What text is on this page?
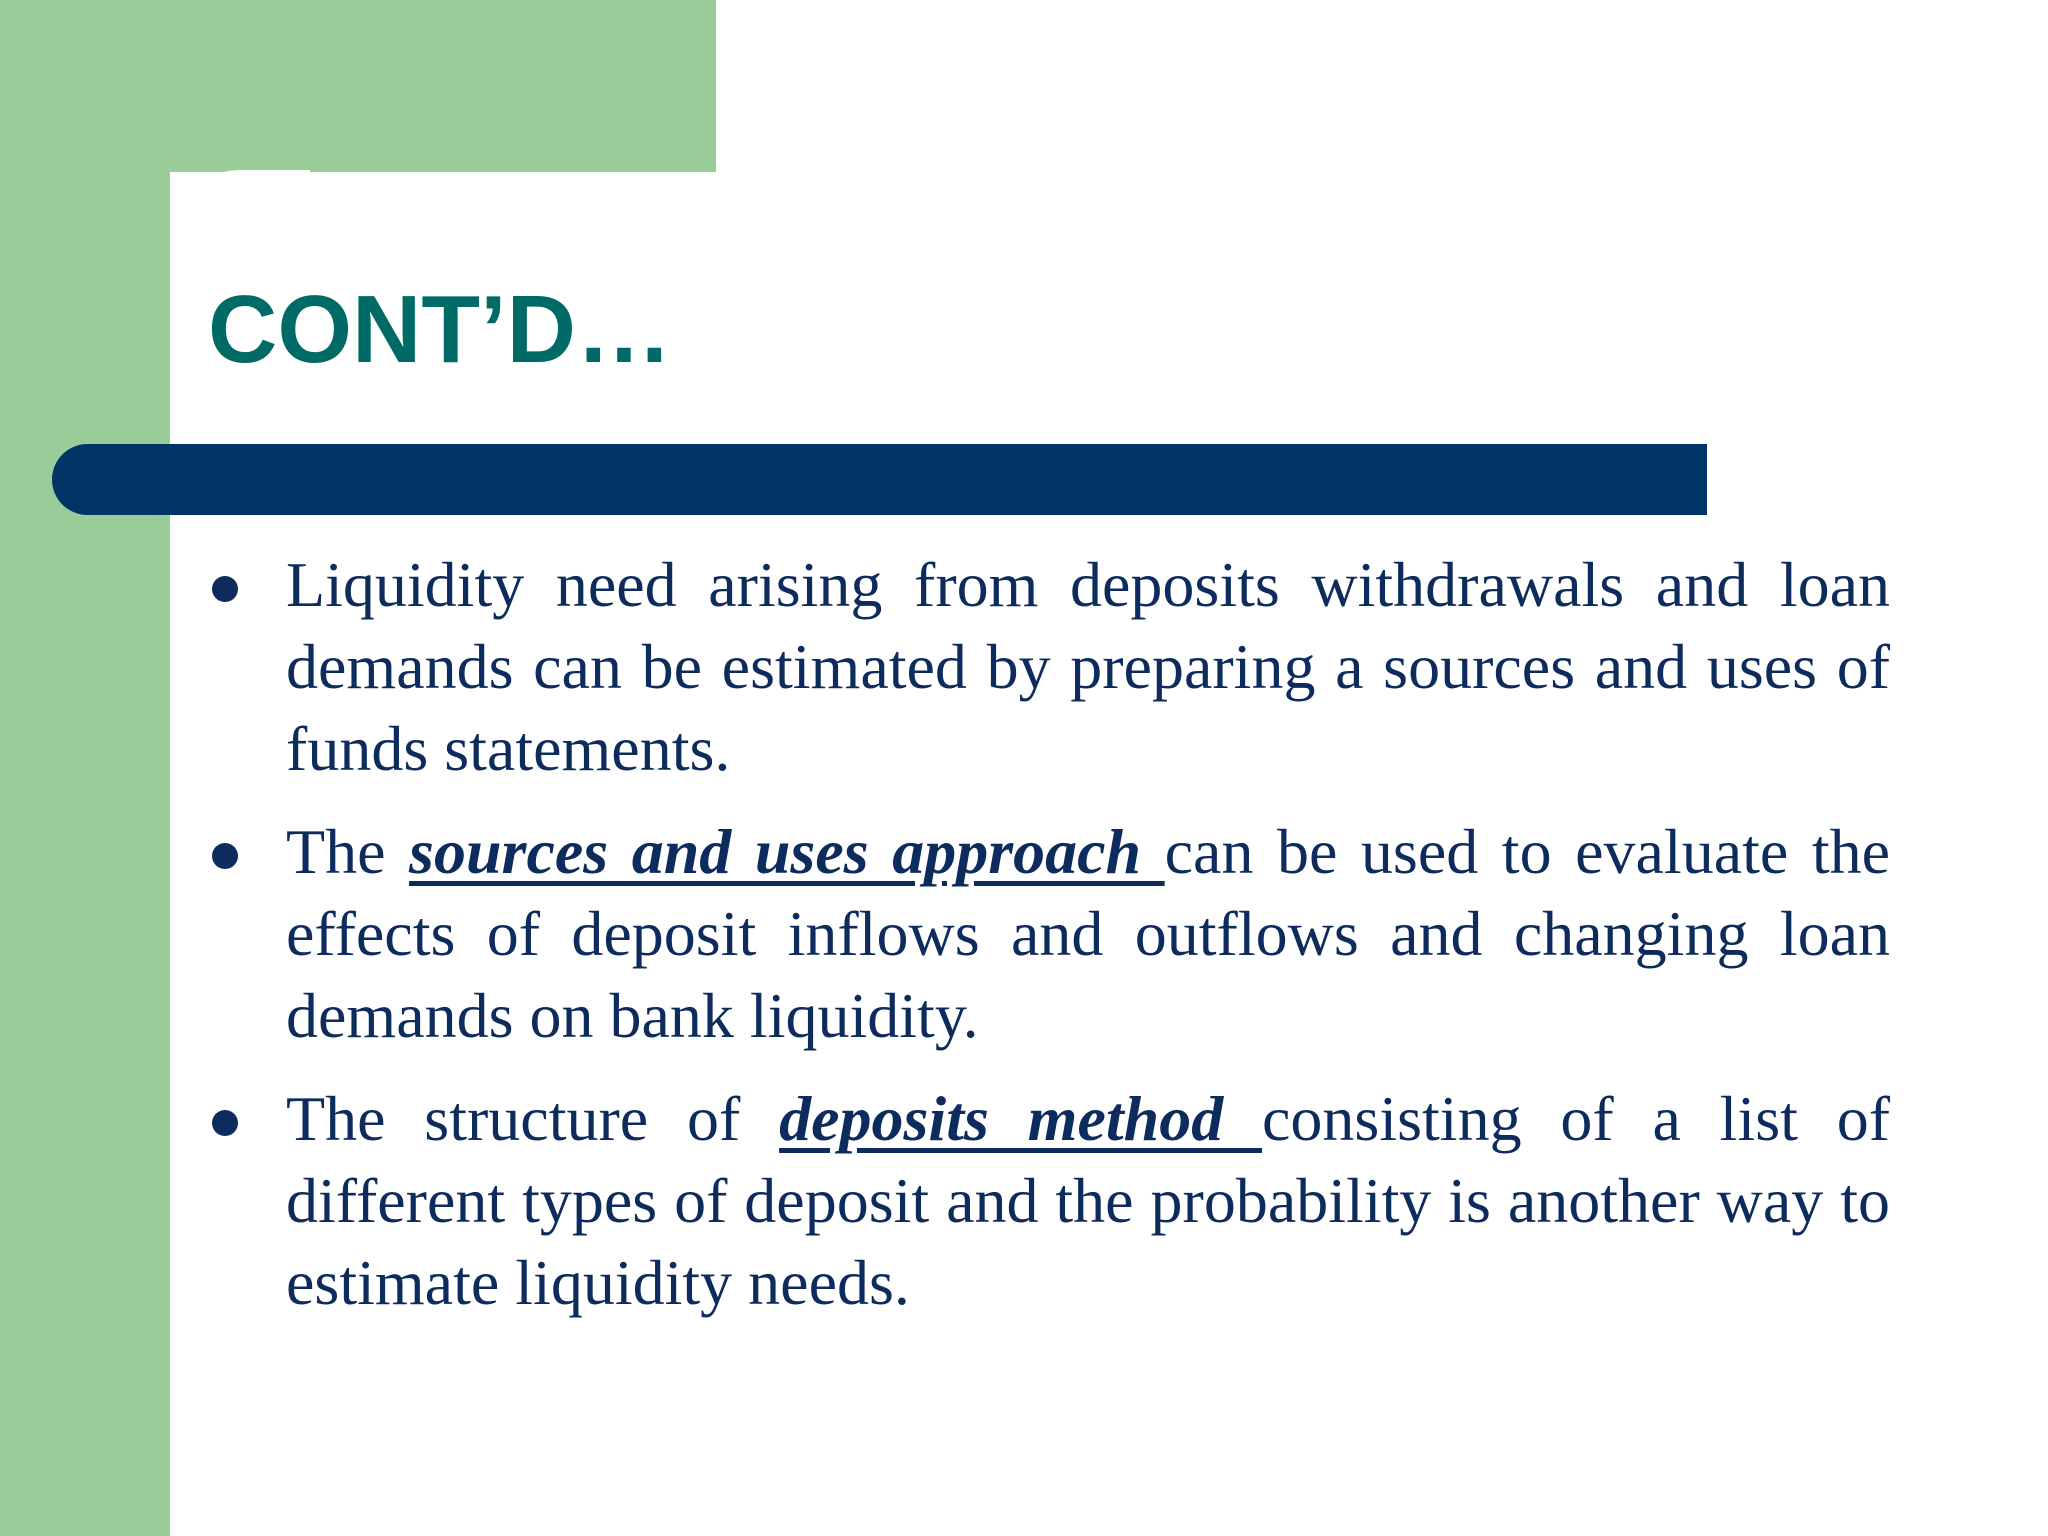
CONT’D…
Liquidity need arising from deposits withdrawals and loan demands can be estimated by preparing a sources and uses of funds statements.
The sources and uses approach can be used to evaluate the effects of deposit inflows and outflows and changing loan demands on bank liquidity.
The structure of deposits method consisting of a list of different types of deposit and the probability is another way to estimate liquidity needs.
